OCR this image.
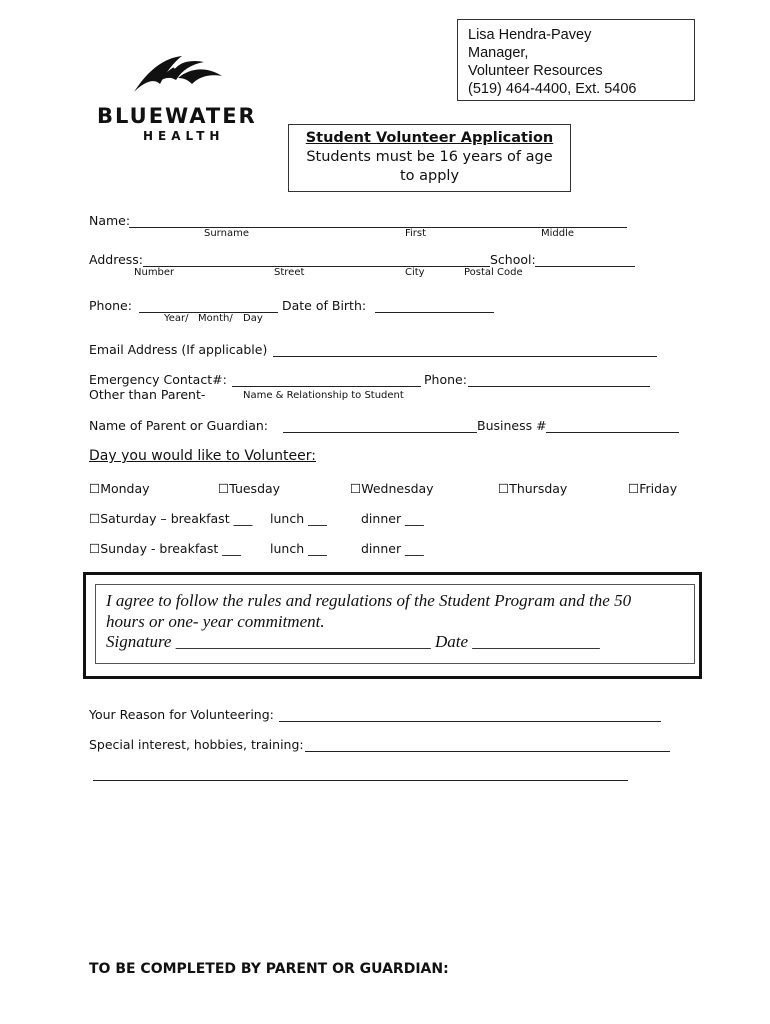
BLUEWATER
HEALTH
Lisa Hendra-Pavey
Manager,
Volunteer Resources
(519) 464-4400, Ext. 5406
Student Volunteer Application
Students must be 16 years of age
to apply
Name:
Surname	First	Middle
Address:	School:
Number	Street	City	Postal Code
Phone:	Date of Birth:
Year/ Month/ Day
Email Address (If applicable)
Emergency Contact#:	Phone:
Other than Parent-	Name & Relationship to Student
Name of Parent or Guardian:	Business #
Day you would like to Volunteer:
☐Monday	☐Tuesday	☐Wednesday	☐Thursday	☐Friday
☐Saturday – breakfast ___ lunch ___	dinner ___
☐Sunday - breakfast ___ lunch ___	dinner ___
I agree to follow the rules and regulations of the Student Program and the 50
hours or one- year commitment.
Signature ______________________________ Date _______________
Your Reason for Volunteering:
Special interest, hobbies, training:
TO BE COMPLETED BY PARENT OR GUARDIAN:
